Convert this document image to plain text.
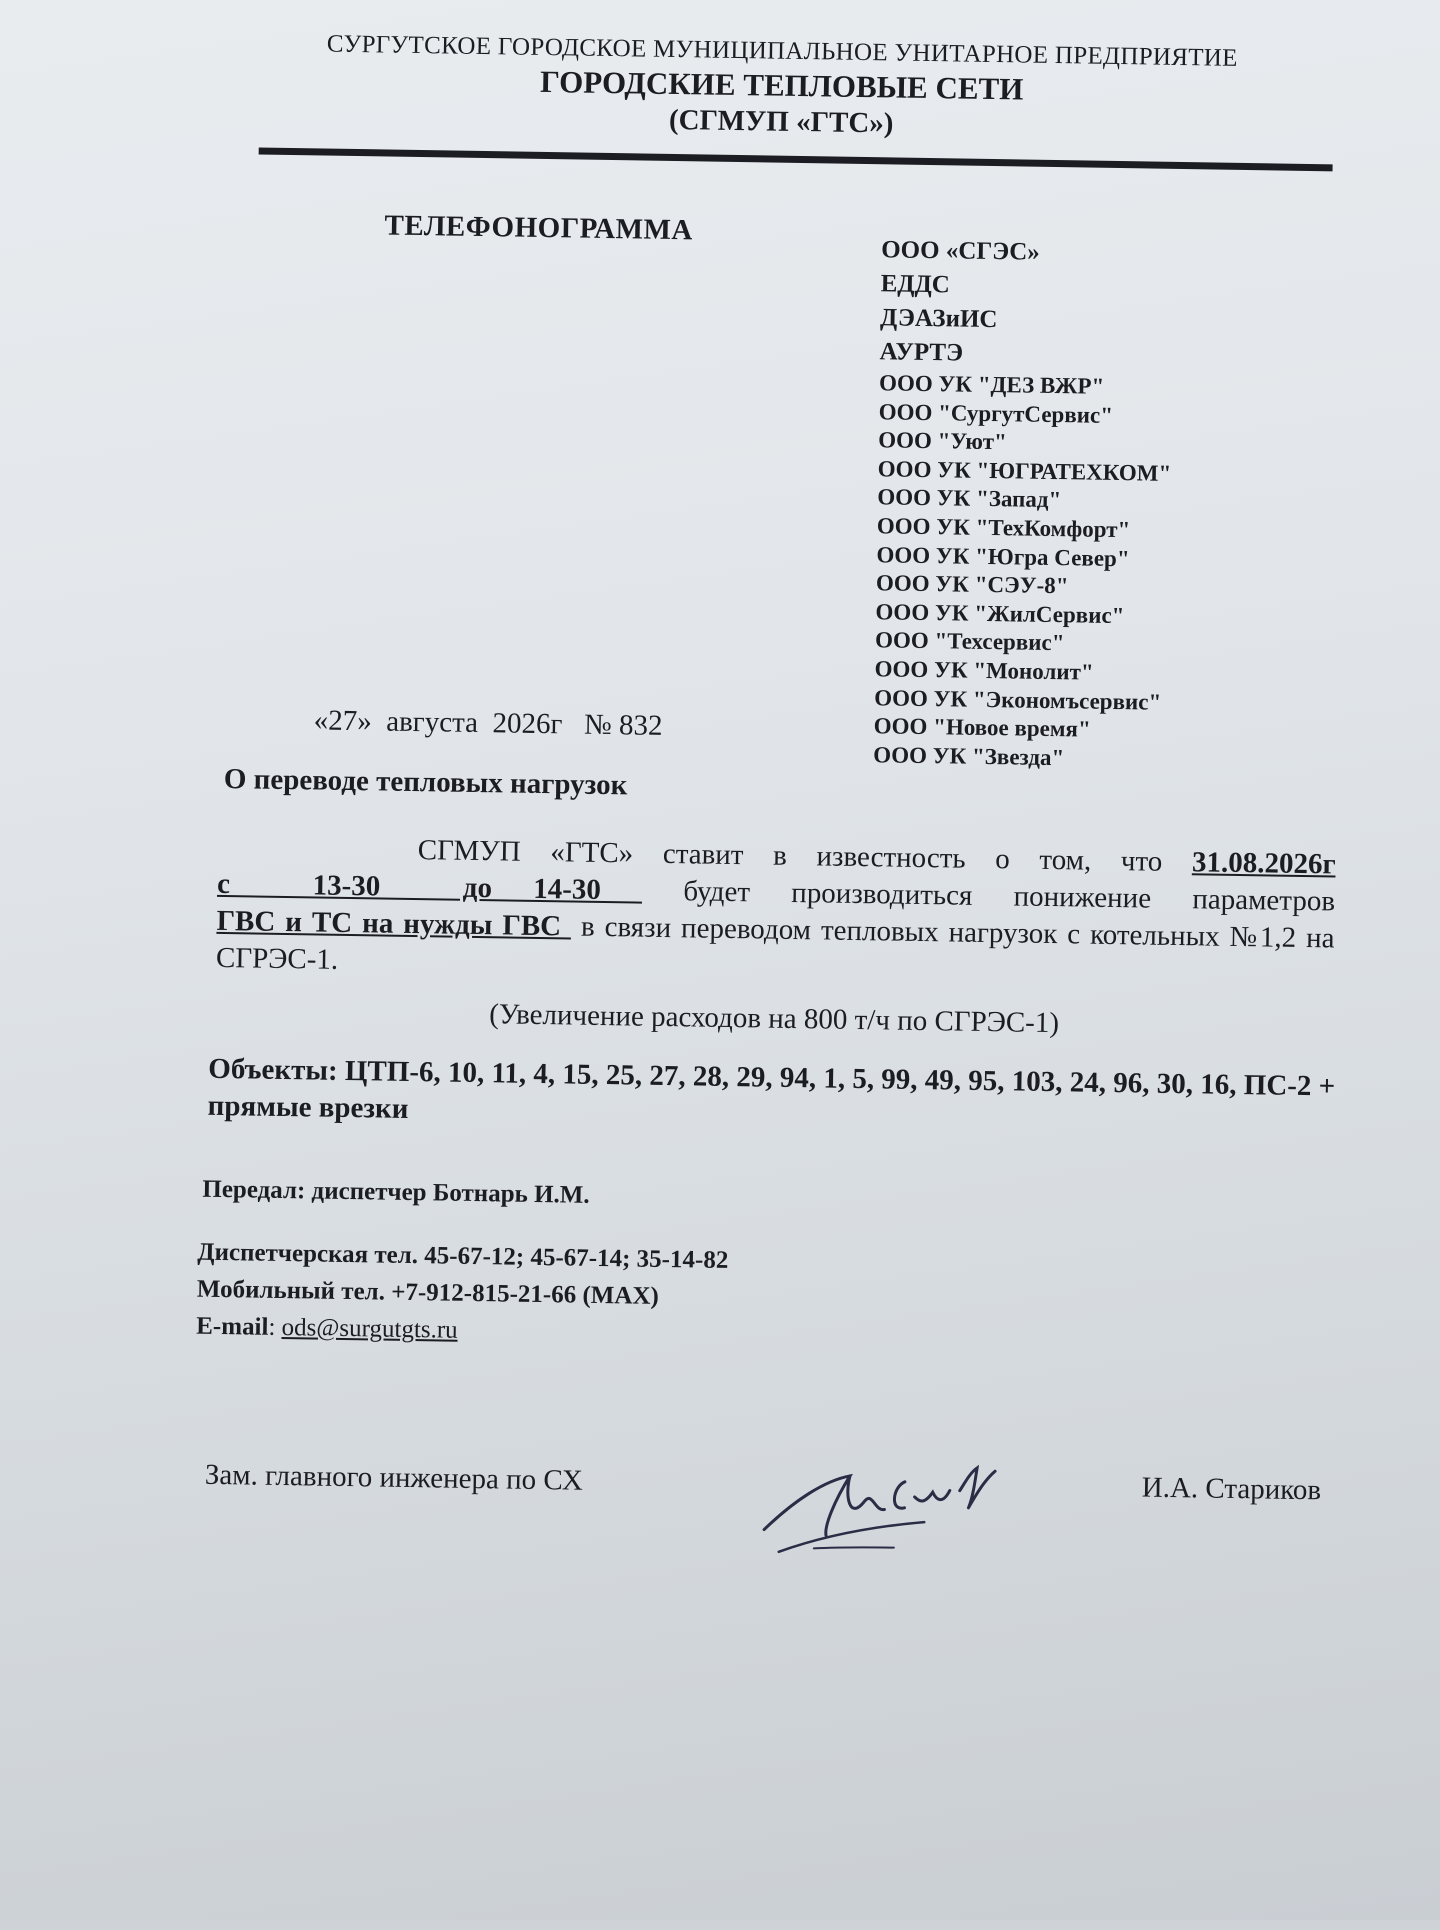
СУРГУТСКОЕ ГОРОДСКОЕ МУНИЦИПАЛЬНОЕ УНИТАРНОЕ ПРЕДПРИЯТИЕ
ГОРОДСКИЕ ТЕПЛОВЫЕ СЕТИ
(СГМУП «ГТС»)
ТЕЛЕФОНОГРАММА
ООО «СГЭС»
ЕДДС
ДЭАЗиИС
АУРТЭ
ООО УК "ДЕЗ ВЖР"
ООО "СургутСервис"
ООО "Уют"
ООО УК "ЮГРАТЕХКОМ"
ООО УК "Запад"
ООО УК "ТехКомфорт"
ООО УК "Югра Север"
ООО УК "СЭУ-8"
ООО УК "ЖилСервис"
ООО "Техсервис"
ООО УК "Монолит"
ООО УК "Экономъсервис"
ООО "Новое время"
ООО УК "Звезда"
«27»  августа  2026г   № 832
О переводе тепловых нагрузок
СГМУП «ГТС» ставит в известность о том, что 31.08.2026г с  13-30  до 14-30  будет производиться понижение параметров ГВС и ТС на нужды ГВС  в связи переводом тепловых нагрузок с котельных №1,2 на СГРЭС-1.
(Увеличение расходов на 800 т/ч по СГРЭС-1)
Объекты: ЦТП-6, 10, 11, 4, 15, 25, 27, 28, 29, 94, 1, 5, 99, 49, 95, 103, 24, 96, 30, 16, ПС-2 + прямые врезки
Передал: диспетчер Ботнарь И.М.
Диспетчерская тел. 45-67-12; 45-67-14; 35-14-82
Мобильный тел. +7-912-815-21-66 (MAX)
E-mail: ods@surgutgts.ru
Зам. главного инженера по СХ	И.А. Стариков
